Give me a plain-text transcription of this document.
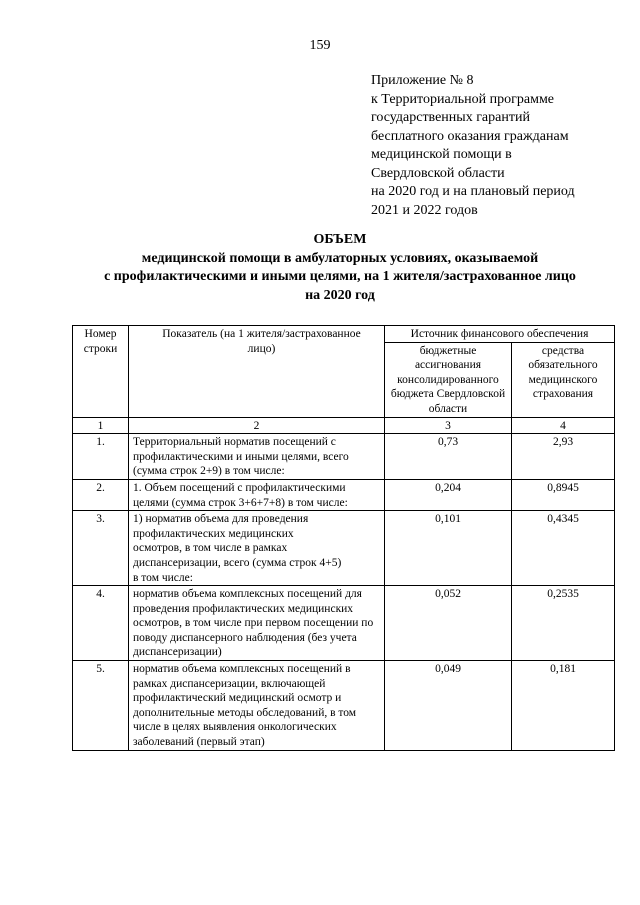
159
Приложение № 8
к Территориальной программе
государственных гарантий
бесплатного оказания гражданам
медицинской помощи в
Свердловской области
на 2020 год и на плановый период
2021 и 2022 годов
ОБЪЕМ
медицинской помощи в амбулаторных условиях, оказываемой
с профилактическими и иными целями, на 1 жителя/застрахованное лицо
на 2020 год
Номер строки	Показатель (на 1 жителя/застрахованное лицо)	Источник финансового обеспечения	
		бюджетные ассигнования консолидированного бюджета Свердловской области	средства обязательного медицинского страхования
1	2	3	4
1.	Территориальный норматив посещений с профилактическими и иными целями, всего (сумма строк 2+9) в том числе:	0,73	2,93
2.	1. Объем посещений с профилактическими целями (сумма строк 3+6+7+8) в том числе:	0,204	0,8945
3.	1) норматив объема для проведения профилактических медицинских осмотров, в том числе в рамках диспансеризации, всего (сумма строк 4+5) в том числе:	0,101	0,4345
4.	норматив объема комплексных посещений для проведения профилактических медицинских осмотров, в том числе при первом посещении по поводу диспансерного наблюдения (без учета диспансеризации)	0,052	0,2535
5.	норматив объема комплексных посещений в рамках диспансеризации, включающей профилактический медицинский осмотр и дополнительные методы обследований, в том числе в целях выявления онкологических заболеваний (первый этап)	0,049	0,181
